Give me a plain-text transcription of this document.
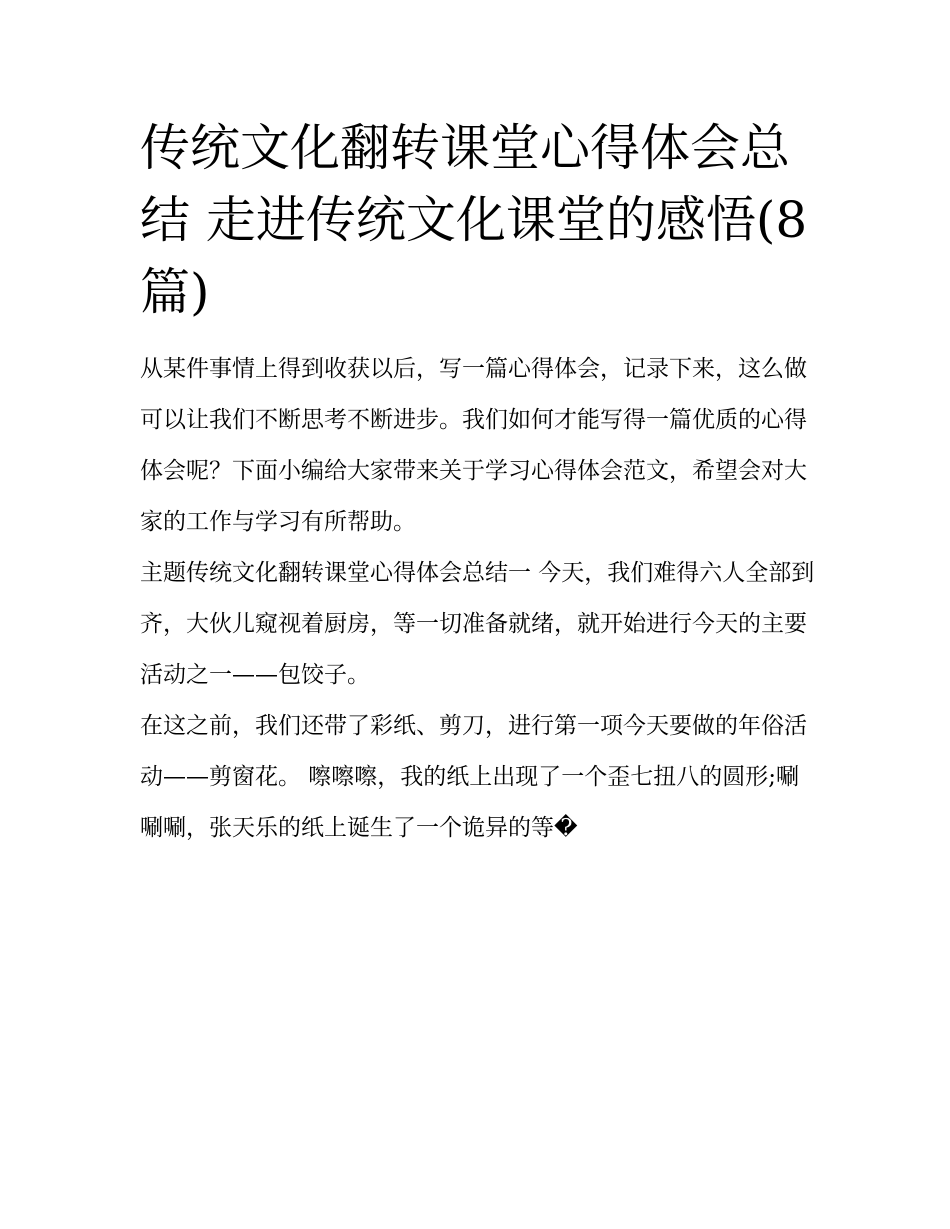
传统文化翻转课堂心得体会总结 走进传统文化课堂的感悟(8篇)

从某件事情上得到收获以后，写一篇心得体会，记录下来，这么做可以让我们不断思考不断进步。我们如何才能写得一篇优质的心得体会呢？下面小编给大家带来关于学习心得体会范文，希望会对大家的工作与学习有所帮助。

主题传统文化翻转课堂心得体会总结一 今天，我们难得六人全部到齐，大伙儿窥视着厨房，等一切准备就绪，就开始进行今天的主要活动之一——包饺子。

在这之前，我们还带了彩纸、剪刀，进行第一项今天要做的年俗活动——剪窗花。 嚓嚓嚓，我的纸上出现了一个歪七扭八的圆形;唰唰唰，张天乐的纸上诞生了一个诡异的等�
